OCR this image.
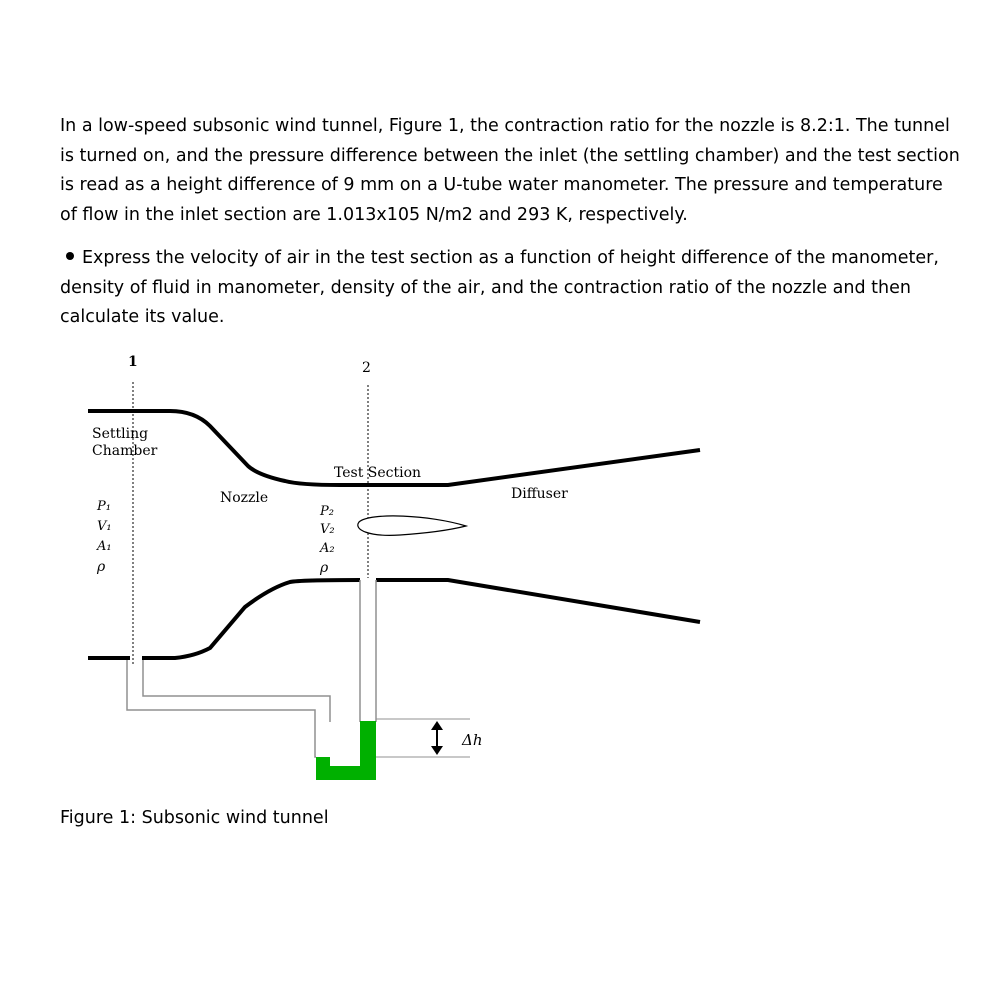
In a low-speed subsonic wind tunnel, Figure 1, the contraction ratio for the nozzle is 8.2:1. The tunnel is turned on, and the pressure difference between the inlet (the settling chamber) and the test section is read as a height difference of 9 mm on a U-tube water manometer. The pressure and temperature of flow in the inlet section are 1.013x105 N/m2 and 293 K, respectively.

Express the velocity of air in the test section as a function of height difference of the manometer, density of fluid in manometer, density of the air, and the contraction ratio of the nozzle and then calculate its value.

1	2
Settling
Chamber
Nozzle
Test Section
Diffuser
P₁
V₁
A₁
ρ
P₂
V₂
A₂
ρ
Δh
Figure 1: Subsonic wind tunnel
